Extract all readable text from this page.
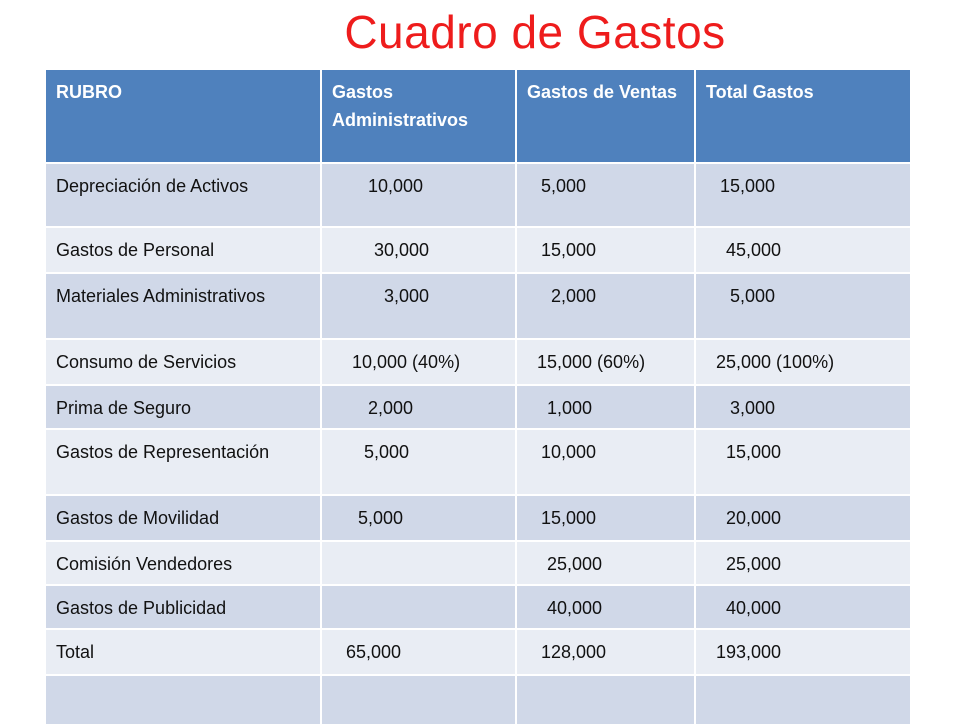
Cuadro de Gastos
RUBRO	Gastos Administrativos	Gastos de Ventas	Total Gastos
Depreciación de Activos	10,000	5,000	15,000
Gastos de Personal	30,000	15,000	45,000
Materiales Administrativos	3,000	2,000	5,000
Consumo de Servicios	10,000 (40%)	15,000 (60%)	25,000 (100%)
Prima de Seguro	2,000	1,000	3,000
Gastos de Representación	5,000	10,000	15,000
Gastos de Movilidad	5,000	15,000	20,000
Comisión Vendedores		25,000	25,000
Gastos de Publicidad		40,000	40,000
Total	65,000	128,000	193,000
